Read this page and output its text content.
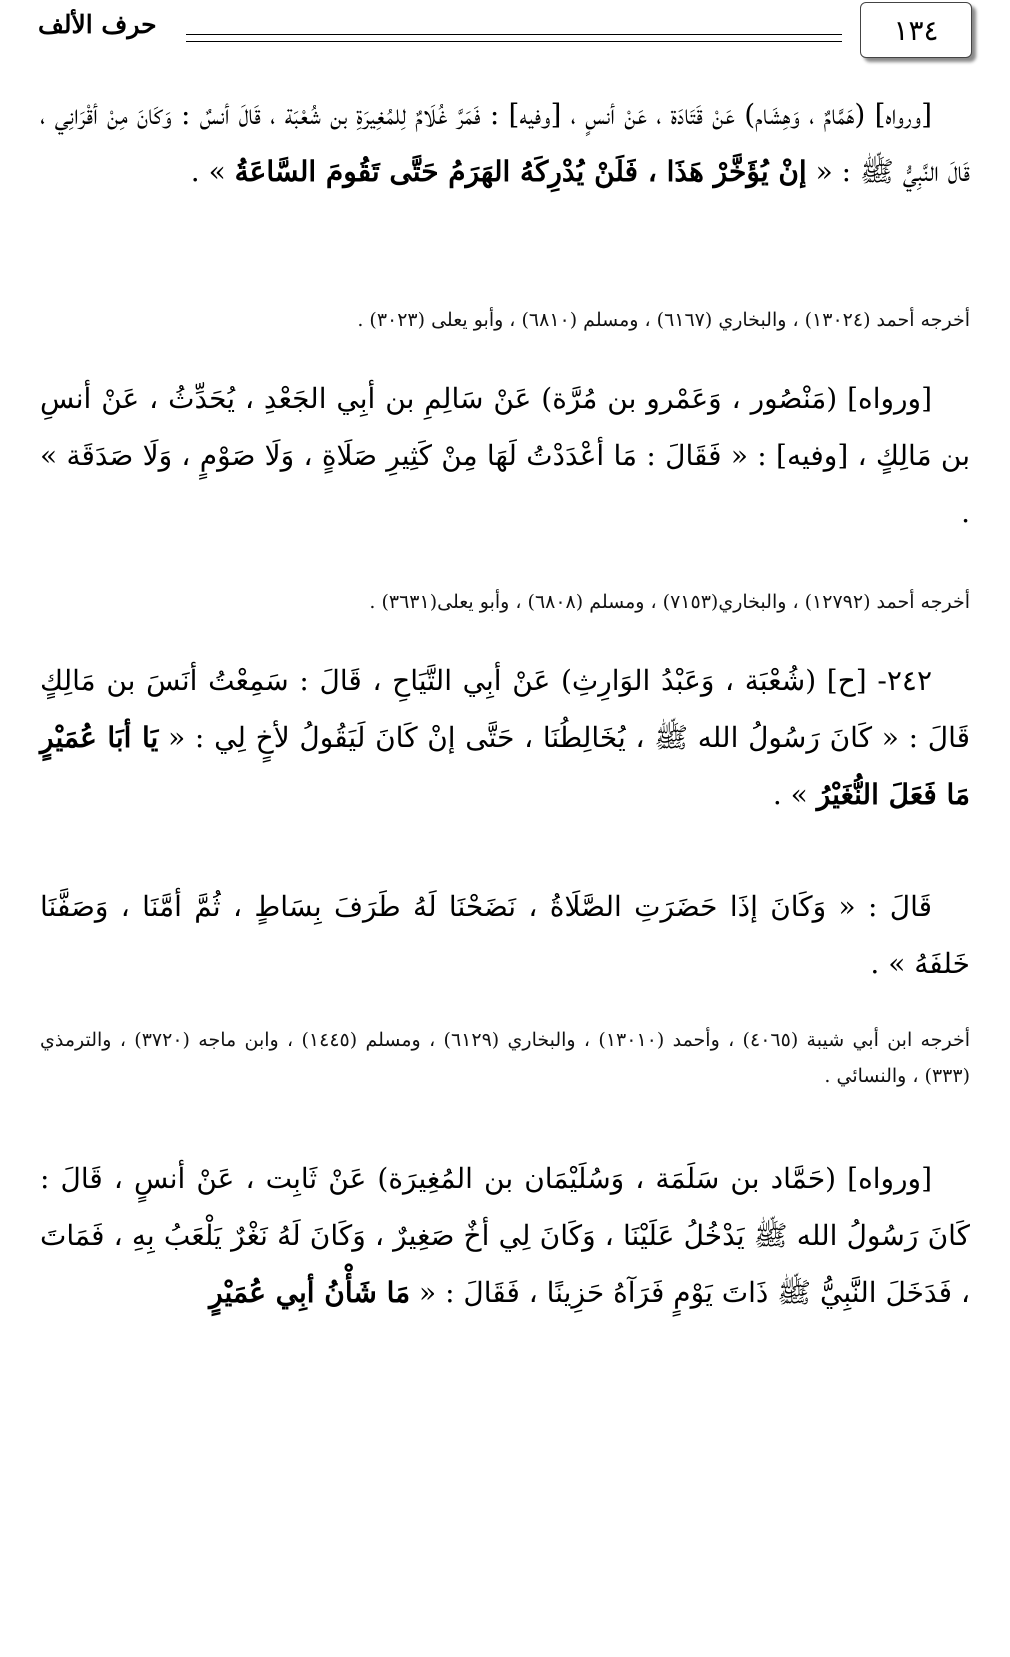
١٣٤
حرف الألف

[ورواه] (هَمَّامٌ ، وَهِشَام) عَنْ قَتَادَة ، عَنْ أنسٍ ، [وفيه] : فَمَرَّ غُلَامٌ لِلمُغِيرَةِ بن شُعْبَة ، قَالَ أنسٌ : وَكَانَ مِنْ أقْرَانِي ، قَالَ النَّبِيُّ ﷺ : « إنْ يُؤَخَّرْ هَذَا ، فَلَنْ يُدْرِكَهُ الهَرَمُ حَتَّى تَقُومَ السَّاعَةُ » .

أخرجه أحمد (١٣٠٢٤) ، والبخاري (٦١٦٧) ، ومسلم (٦٨١٠) ، وأبو يعلى (٣٠٢٣) .

[ورواه] (مَنْصُور ، وَعَمْرو بن مُرَّة) عَنْ سَالِمِ بن أبِي الجَعْدِ ، يُحَدِّثُ ، عَنْ أنسِ بن مَالِكٍ ، [وفيه] : « فَقَالَ : مَا أعْدَدْتُ لَهَا مِنْ كَثِيرِ صَلَاةٍ ، وَلَا صَوْمٍ ، وَلَا صَدَقَة » .

أخرجه أحمد (١٢٧٩٢) ، والبخاري(٧١٥٣) ، ومسلم (٦٨٠٨) ، وأبو يعلى(٣٦٣١) .

٢٤٢- [ح] (شُعْبَة ، وَعَبْدُ الوَارِثِ) عَنْ أبِي التَّيَاحِ ، قَالَ : سَمِعْتُ أنَسَ بن مَالِكٍ قَالَ : « كَانَ رَسُولُ الله ﷺ ، يُخَالِطُنَا ، حَتَّى إنْ كَانَ لَيَقُولُ لأخٍ لِي : « يَا أبَا عُمَيْرٍ مَا فَعَلَ النُّغَيْرُ » .

قَالَ : « وَكَانَ إذَا حَضَرَتِ الصَّلَاةُ ، نَضَحْنَا لَهُ طَرَفَ بِسَاطٍ ، ثُمَّ أمَّنَا ، وَصَفَّنَا خَلفَهُ » .

أخرجه ابن أبي شيبة (٤٠٦٥) ، وأحمد (١٣٠١٠) ، والبخاري (٦١٢٩) ، ومسلم (١٤٤٥) ، وابن ماجه (٣٧٢٠) ، والترمذي (٣٣٣) ، والنسائي .

[ورواه] (حَمَّاد بن سَلَمَة ، وَسُلَيْمَان بن المُغِيرَة) عَنْ ثَابِت ، عَنْ أنسٍ ، قَالَ : كَانَ رَسُولُ الله ﷺ يَدْخُلُ عَلَيْنَا ، وَكَانَ لِي أخٌ صَغِيرٌ ، وَكَانَ لَهُ نَغْرٌ يَلْعَبُ بِهِ ، فَمَاتَ ، فَدَخَلَ النَّبِيُّ ﷺ ذَاتَ يَوْمٍ فَرَآهُ حَزِينًا ، فَقَالَ : « مَا شَأْنُ أبِي عُمَيْرٍ
